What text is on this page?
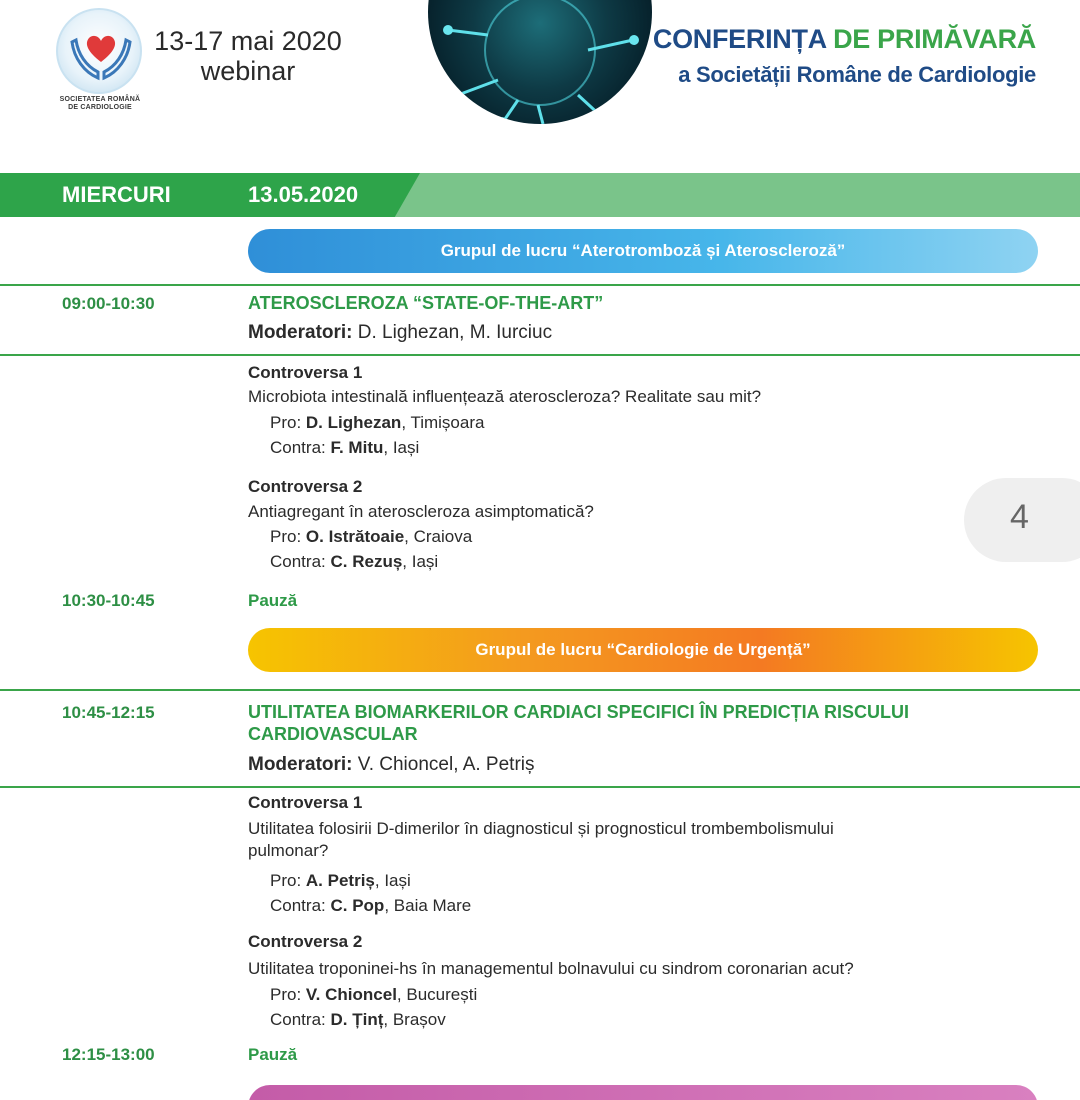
SOCIETATEA ROMÂNĂ
DE CARDIOLOGIE
13-17 mai 2020
webinar
CONFERINȚA DE PRIMĂVARĂ
a Societății Române de Cardiologie
MIERCURI	13.05.2020
Grupul de lucru “Aterotromboză și Ateroscleroză”
09:00-10:30	ATEROSCLEROZA “STATE-OF-THE-ART”
Moderatori: D. Lighezan, M. Iurciuc
Controversa 1
Microbiota intestinală influențează ateroscleroza? Realitate sau mit?
Pro: D. Lighezan, Timișoara
Contra: F. Mitu, Iași
Controversa 2
Antiagregant în ateroscleroza asimptomatică?
Pro: O. Istrătoaie, Craiova
Contra: C. Rezuș, Iași
10:30-10:45	Pauză
Grupul de lucru “Cardiologie de Urgență”
10:45-12:15	UTILITATEA BIOMARKERILOR CARDIACI SPECIFICI ÎN PREDICȚIA RISCULUI
CARDIOVASCULAR
Moderatori: V. Chioncel, A. Petriș
Controversa 1
Utilitatea folosirii D-dimerilor în diagnosticul și prognosticul trombembolismului
pulmonar?
Pro: A. Petriș, Iași
Contra: C. Pop, Baia Mare
Controversa 2
Utilitatea troponinei-hs în managementul bolnavului cu sindrom coronarian acut?
Pro: V. Chioncel, București
Contra: D. Ținț, Brașov
12:15-13:00	Pauză
4
